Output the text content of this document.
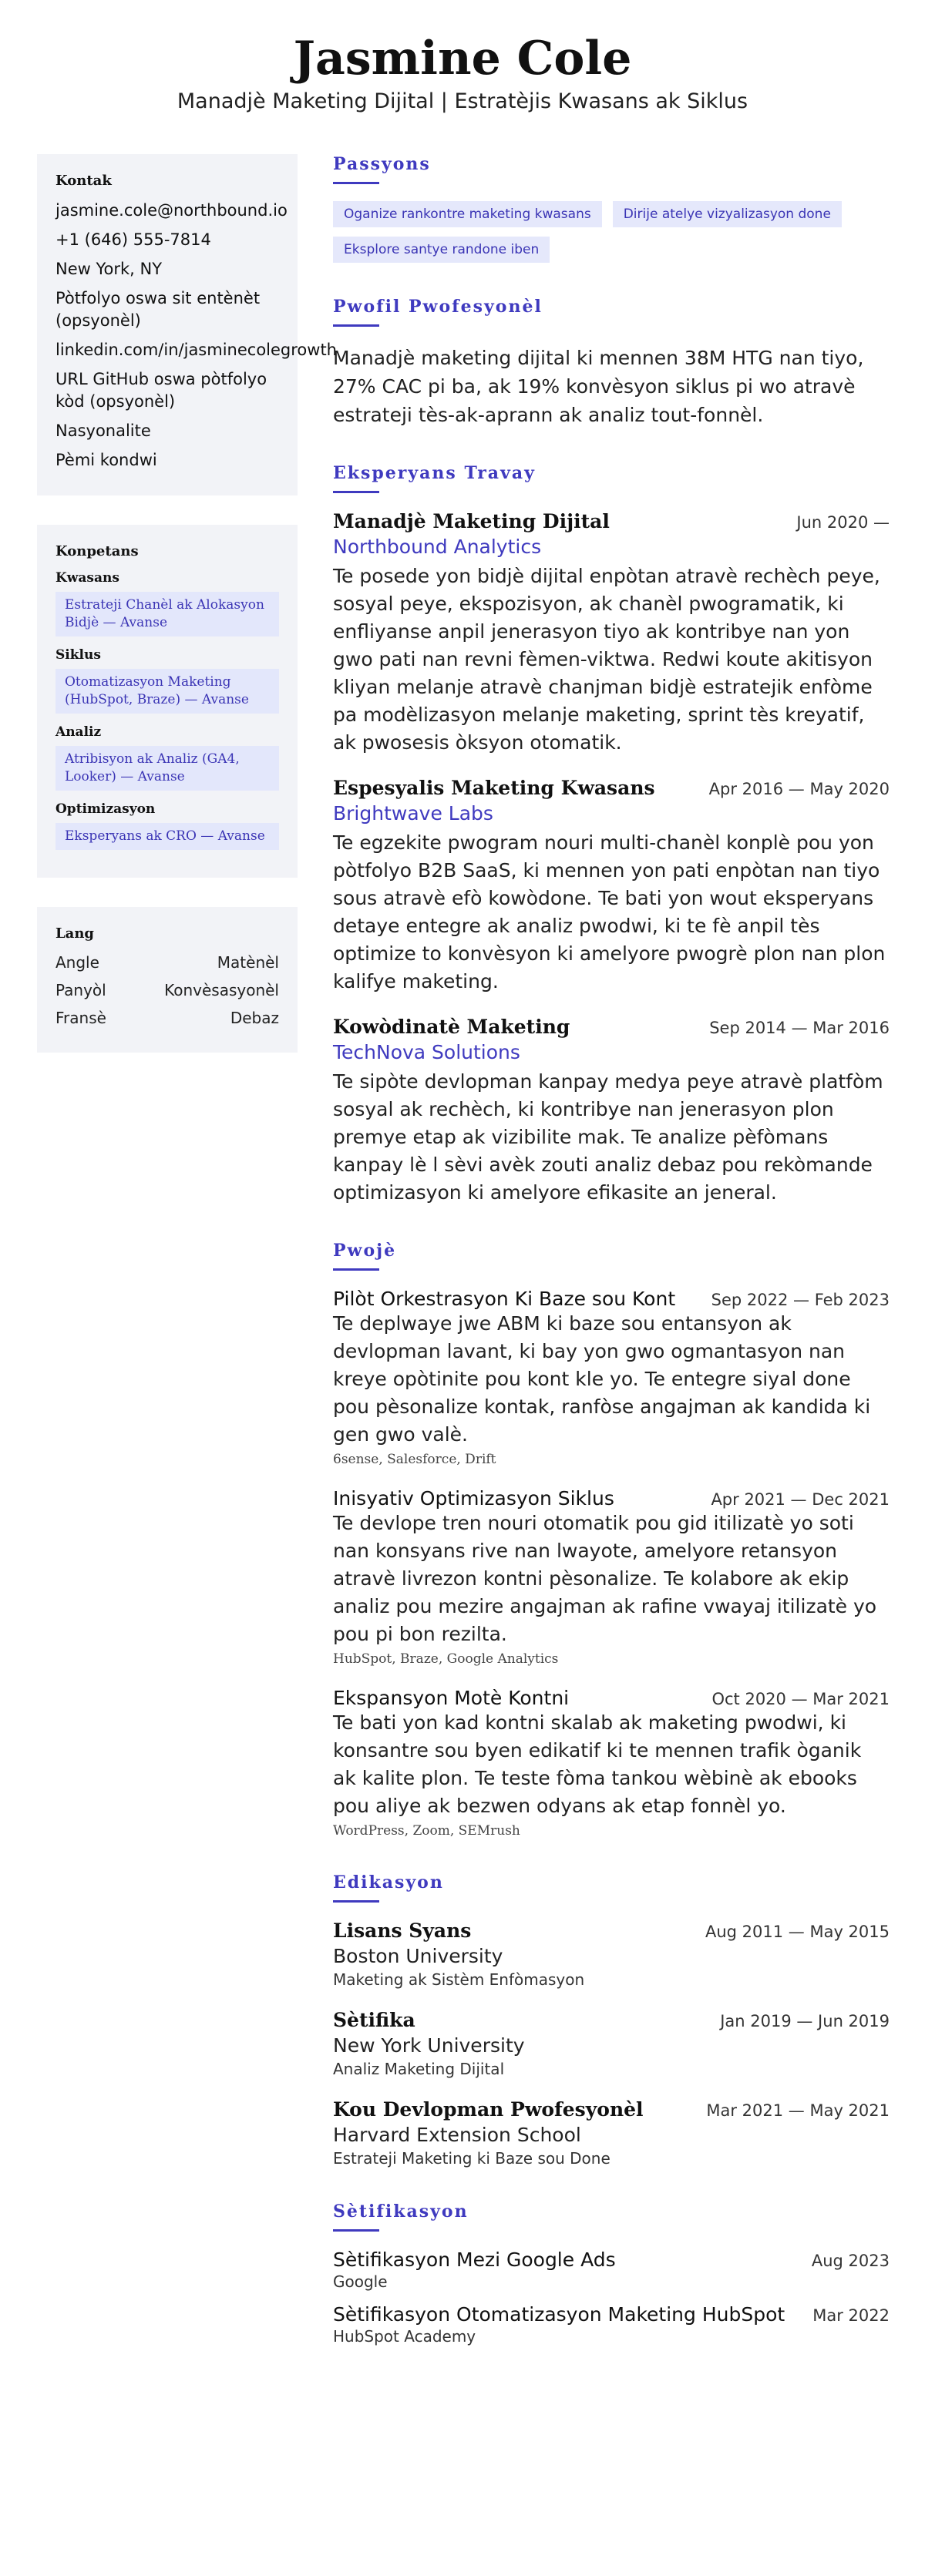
Jasmine Cole
Manadjè Maketing Dijital | Estratèjis Kwasans ak Siklus
Kontak
jasmine.cole@northbound.io
+1 (646) 555-7814
New York, NY
Pòtfolyo oswa sit entènèt (opsyonèl)
linkedin.com/in/jasminecolegrowth
URL GitHub oswa pòtfolyo kòd (opsyonèl)
Nasyonalite
Pèmi kondwi
Konpetans
Kwasans
Estrateji Chanèl ak Alokasyon Bidjè — Avanse
Siklus
Otomatizasyon Maketing (HubSpot, Braze) — Avanse
Analiz
Atribisyon ak Analiz (GA4, Looker) — Avanse
Optimizasyon
Eksperyans ak CRO — Avanse
Lang
Angle	Matènèl
Panyòl	Konvèsasyonèl
Fransè	Debaz
Passyons
Oganize rankontre maketing kwasans	Dirije atelye vizyalizasyon done
Eksplore santye randone iben
Pwofil Pwofesyonèl
Manadjè maketing dijital ki mennen 38M HTG nan tiyo, 27% CAC pi ba, ak 19% konvèsyon siklus pi wo atravè estrateji tès-ak-aprann ak analiz tout-fonnèl.
Eksperyans Travay
Manadjè Maketing Dijital	Jun 2020 —
Northbound Analytics
Te posede yon bidjè dijital enpòtan atravè rechèch peye, sosyal peye, ekspozisyon, ak chanèl pwogramatik, ki enfliyanse anpil jenerasyon tiyo ak kontribye nan yon gwo pati nan revni fèmen-viktwa. Redwi koute akitisyon kliyan melanje atravè chanjman bidjè estratejik enfòme pa modèlizasyon melanje maketing, sprint tès kreyatif, ak pwosesis òksyon otomatik.
Espesyalis Maketing Kwasans	Apr 2016 — May 2020
Brightwave Labs
Te egzekite pwogram nouri multi-chanèl konplè pou yon pòtfolyo B2B SaaS, ki mennen yon pati enpòtan nan tiyo sous atravè efò kowòdone. Te bati yon wout eksperyans detaye entegre ak analiz pwodwi, ki te fè anpil tès optimize to konvèsyon ki amelyore pwogrè plon nan plon kalifye maketing.
Kowòdinatè Maketing	Sep 2014 — Mar 2016
TechNova Solutions
Te sipòte devlopman kanpay medya peye atravè platfòm sosyal ak rechèch, ki kontribye nan jenerasyon plon premye etap ak vizibilite mak. Te analize pèfòmans kanpay lè l sèvi avèk zouti analiz debaz pou rekòmande optimizasyon ki amelyore efikasite an jeneral.
Pwojè
Pilòt Orkestrasyon Ki Baze sou Kont Sep 2022 — Feb 2023
Te deplwaye jwe ABM ki baze sou entansyon ak devlopman lavant, ki bay yon gwo ogmantasyon nan kreye opòtinite pou kont kle yo. Te entegre siyal done pou pèsonalize kontak, ranfòse angajman ak kandida ki gen gwo valè.
6sense, Salesforce, Drift
Inisyativ Optimizasyon Siklus	Apr 2021 — Dec 2021
Te devlope tren nouri otomatik pou gid itilizatè yo soti nan konsyans rive nan lwayote, amelyore retansyon atravè livrezon kontni pèsonalize. Te kolabore ak ekip analiz pou mezire angajman ak rafine vwayaj itilizatè yo pou pi bon rezilta.
HubSpot, Braze, Google Analytics
Ekspansyon Motè Kontni	Oct 2020 — Mar 2021
Te bati yon kad kontni skalab ak maketing pwodwi, ki konsantre sou byen edikatif ki te mennen trafik òganik ak kalite plon. Te teste fòma tankou wèbinè ak ebooks pou aliye ak bezwen odyans ak etap fonnèl yo.
WordPress, Zoom, SEMrush
Edikasyon
Lisans Syans	Aug 2011 — May 2015
Boston University
Maketing ak Sistèm Enfòmasyon
Sètifika	Jan 2019 — Jun 2019
New York University
Analiz Maketing Dijital
Kou Devlopman Pwofesyonèl	Mar 2021 — May 2021
Harvard Extension School
Estrateji Maketing ki Baze sou Done
Sètifikasyon
Sètifikasyon Mezi Google Ads	Aug 2023
Google
Sètifikasyon Otomatizasyon Maketing HubSpot Mar 2022
HubSpot Academy
